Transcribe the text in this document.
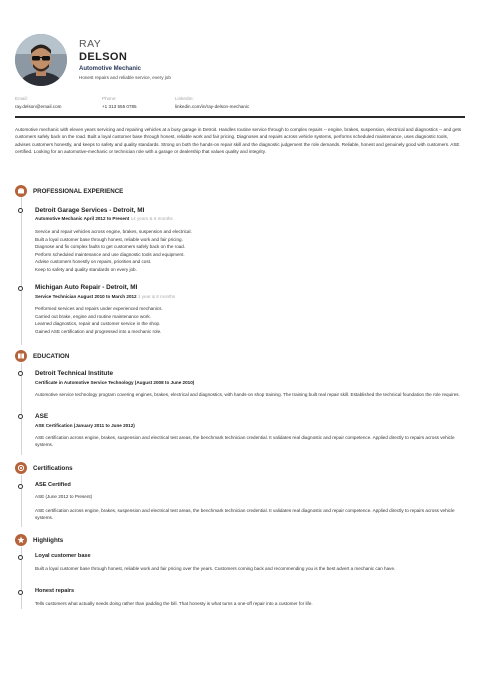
RAY
DELSON
Automotive Mechanic
Honest repairs and reliable service, every job
Email:
ray.delson@email.com
Phone:
+1 313 555 0785
LinkedIn:
linkedin.com/in/ray-delson-mechanic
Automotive mechanic with eleven years servicing and repairing vehicles at a busy garage in Detroit. Handles routine service through to complex repairs -- engine, brakes, suspension, electrical and diagnostics -- and gets customers safely back on the road. Built a loyal customer base through honest, reliable work and fair pricing. Diagnoses and repairs across vehicle systems, performs scheduled maintenance, uses diagnostic tools, advises customers honestly, and keeps to safety and quality standards. Strong on both the hands-on repair skill and the diagnostic judgement the role demands. Reliable, honest and genuinely good with customers. ASE certified. Looking for an automotive-mechanic or technician role with a garage or dealership that values quality and integrity.
PROFESSIONAL EXPERIENCE
Detroit Garage Services - Detroit, MI
Automotive Mechanic April 2012 to Present 14 years & 6 months
Service and repair vehicles across engine, brakes, suspension and electrical.
Built a loyal customer base through honest, reliable work and fair pricing.
Diagnose and fix complex faults to get customers safely back on the road.
Perform scheduled maintenance and use diagnostic tools and equipment.
Advise customers honestly on repairs, priorities and cost.
Keep to safety and quality standards on every job.
Michigan Auto Repair - Detroit, MI
Service Technician August 2010 to March 2012 1 year & 8 months
Performed services and repairs under experienced mechanics.
Carried out brake, engine and routine maintenance work.
Learned diagnostics, repair and customer service in the shop.
Gained ASE certification and progressed into a mechanic role.
EDUCATION
Detroit Technical Institute
Certificate in Automotive Service Technology (August 2008 to June 2010)
Automotive service technology program covering engines, brakes, electrical and diagnostics, with hands-on shop training. The training built real repair skill. Established the technical foundation the role requires.
ASE
ASE Certification (January 2011 to June 2012)
ASE certification across engine, brakes, suspension and electrical test areas, the benchmark technician credential. It validates real diagnostic and repair competence. Applied directly to repairs across vehicle systems.
Certifications
ASE Certified
ASE (June 2012 to Present)
ASE certification across engine, brakes, suspension and electrical test areas, the benchmark technician credential. It validates real diagnostic and repair competence. Applied directly to repairs across vehicle systems.
Highlights
Loyal customer base
Built a loyal customer base through honest, reliable work and fair pricing over the years. Customers coming back and recommending you is the best advert a mechanic can have.
Honest repairs
Tells customers what actually needs doing rather than padding the bill. That honesty is what turns a one-off repair into a customer for life.
